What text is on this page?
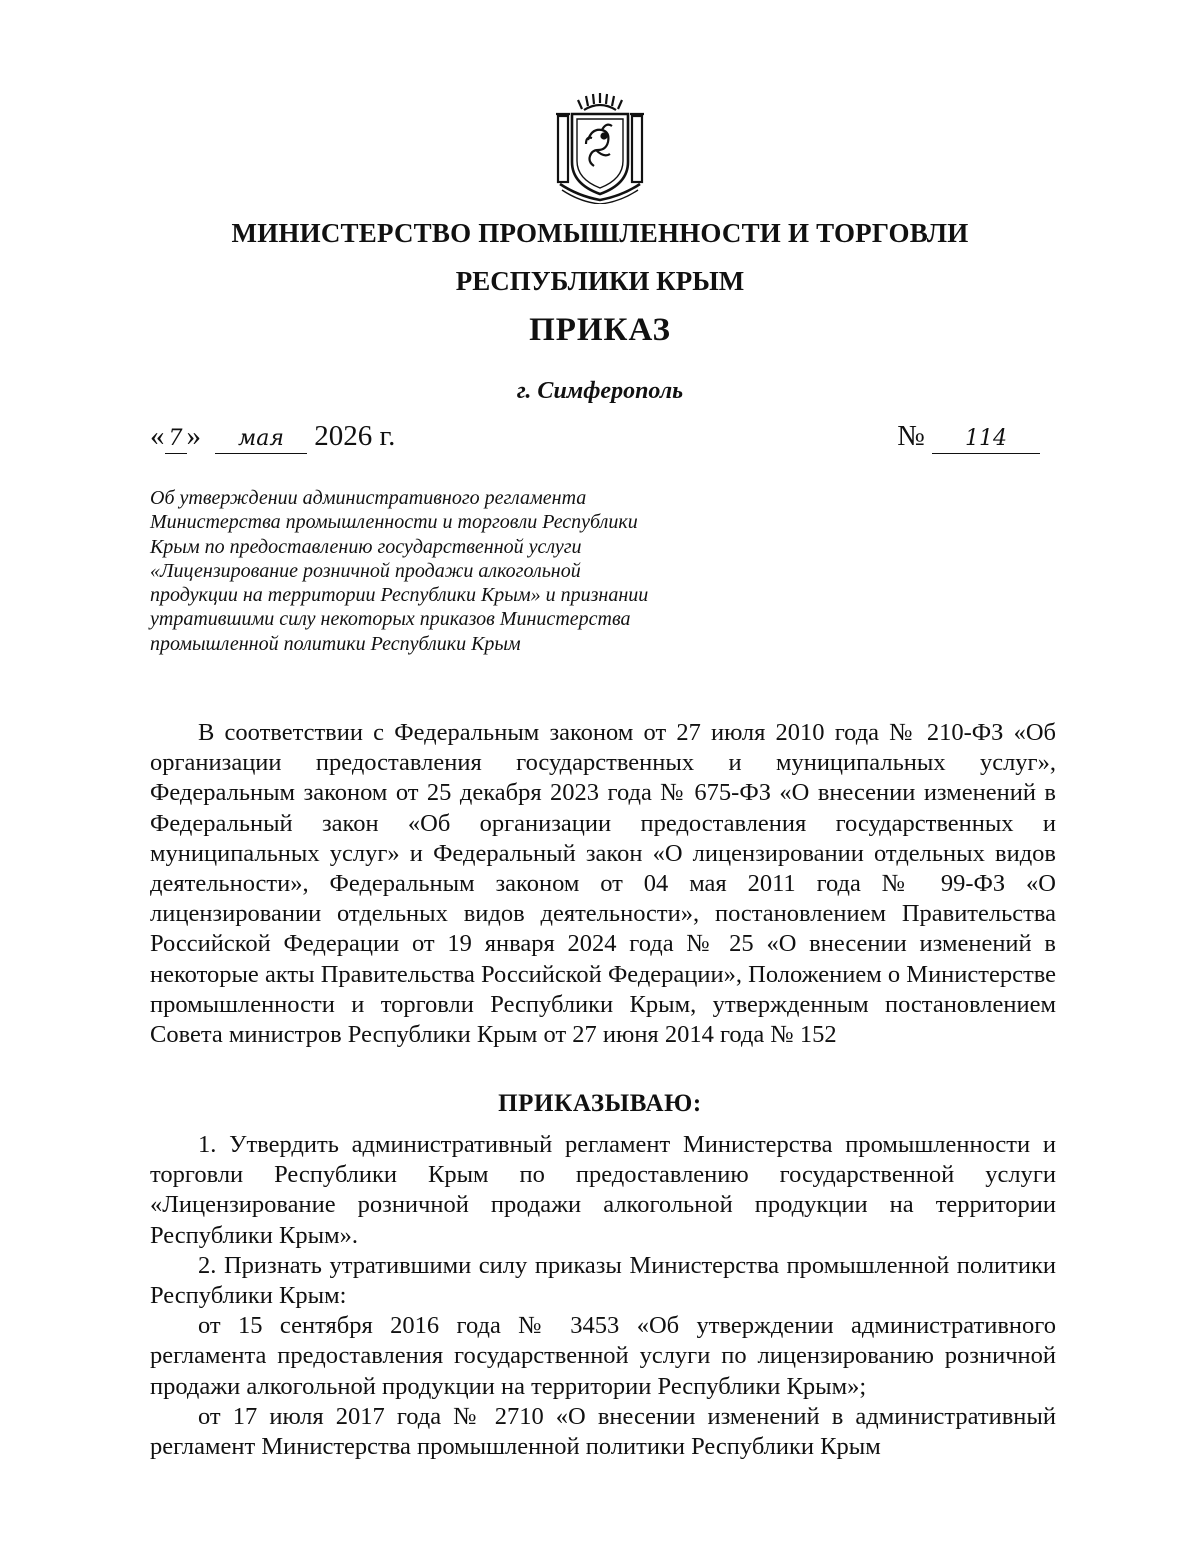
МИНИСТЕРСТВО ПРОМЫШЛЕННОСТИ И ТОРГОВЛИ
РЕСПУБЛИКИ КРЫМ
ПРИКАЗ
г. Симферополь
« 7 » мая 2026 г.	№ 114
Об утверждении административного регламента Министерства промышленности и торговли Республики Крым по предоставлению государственной услуги «Лицензирование розничной продажи алкогольной продукции на территории Республики Крым» и признании утратившими силу некоторых приказов Министерства промышленной политики Республики Крым

В соответствии с Федеральным законом от 27 июля 2010 года № 210-ФЗ «Об организации предоставления государственных и муниципальных услуг», Федеральным законом от 25 декабря 2023 года № 675-ФЗ «О внесении изменений в Федеральный закон «Об организации предоставления государственных и муниципальных услуг» и Федеральный закон «О лицензировании отдельных видов деятельности», Федеральным законом от 04 мая 2011 года № 99-ФЗ «О лицензировании отдельных видов деятельности», постановлением Правительства Российской Федерации от 19 января 2024 года № 25 «О внесении изменений в некоторые акты Правительства Российской Федерации», Положением о Министерстве промышленности и торговли Республики Крым, утвержденным постановлением Совета министров Республики Крым от 27 июня 2014 года № 152

ПРИКАЗЫВАЮ:

1. Утвердить административный регламент Министерства промышленности и торговли Республики Крым по предоставлению государственной услуги «Лицензирование розничной продажи алкогольной продукции на территории Республики Крым».

2. Признать утратившими силу приказы Министерства промышленной политики Республики Крым:

от 15 сентября 2016 года № 3453 «Об утверждении административного регламента предоставления государственной услуги по лицензированию розничной продажи алкогольной продукции на территории Республики Крым»;

от 17 июля 2017 года № 2710 «О внесении изменений в административный регламент Министерства промышленной политики Республики Крым
